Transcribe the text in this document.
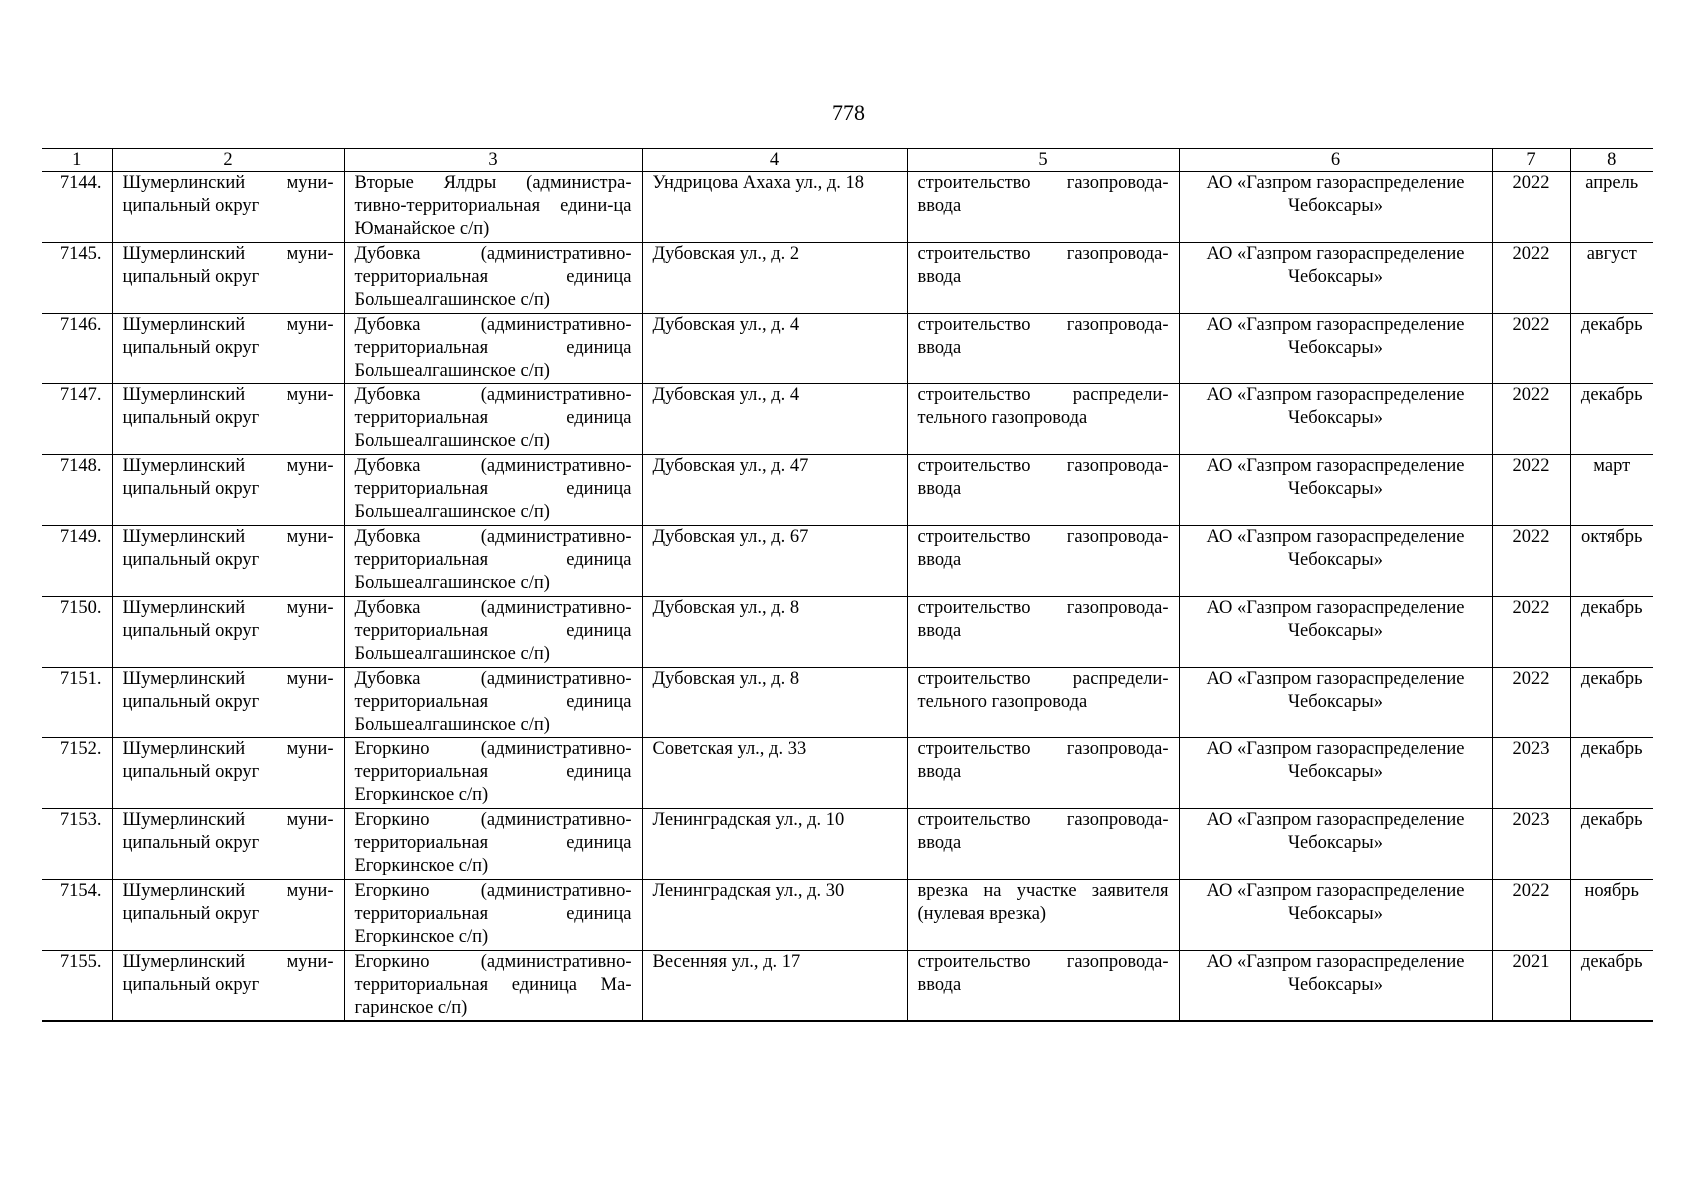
778
1	2	3	4	5	6	7	8
7144.	Шумерлинский муни-ципальный округ	Вторые Ялдры (администра-тивно-территориальная едини-ца Юманайское с/п)	Ундрицова Ахаха ул., д. 18	строительство газопровода-ввода	АО «Газпром газораспределение Чебоксары»	2022	апрель
7145.	Шумерлинский муни-ципальный округ	Дубовка (административно-территориальная единица Большеалгашинское с/п)	Дубовская ул., д. 2	строительство газопровода-ввода	АО «Газпром газораспределение Чебоксары»	2022	август
7146.	Шумерлинский муни-ципальный округ	Дубовка (административно-территориальная единица Большеалгашинское с/п)	Дубовская ул., д. 4	строительство газопровода-ввода	АО «Газпром газораспределение Чебоксары»	2022	декабрь
7147.	Шумерлинский муни-ципальный округ	Дубовка (административно-территориальная единица Большеалгашинское с/п)	Дубовская ул., д. 4	строительство распредели-тельного газопровода	АО «Газпром газораспределение Чебоксары»	2022	декабрь
7148.	Шумерлинский муни-ципальный округ	Дубовка (административно-территориальная единица Большеалгашинское с/п)	Дубовская ул., д. 47	строительство газопровода-ввода	АО «Газпром газораспределение Чебоксары»	2022	март
7149.	Шумерлинский муни-ципальный округ	Дубовка (административно-территориальная единица Большеалгашинское с/п)	Дубовская ул., д. 67	строительство газопровода-ввода	АО «Газпром газораспределение Чебоксары»	2022	октябрь
7150.	Шумерлинский муни-ципальный округ	Дубовка (административно-территориальная единица Большеалгашинское с/п)	Дубовская ул., д. 8	строительство газопровода-ввода	АО «Газпром газораспределение Чебоксары»	2022	декабрь
7151.	Шумерлинский муни-ципальный округ	Дубовка (административно-территориальная единица Большеалгашинское с/п)	Дубовская ул., д. 8	строительство распредели-тельного газопровода	АО «Газпром газораспределение Чебоксары»	2022	декабрь
7152.	Шумерлинский муни-ципальный округ	Егоркино (административно-территориальная единица Егоркинское с/п)	Советская ул., д. 33	строительство газопровода-ввода	АО «Газпром газораспределение Чебоксары»	2023	декабрь
7153.	Шумерлинский муни-ципальный округ	Егоркино (административно-территориальная единица Егоркинское с/п)	Ленинградская ул., д. 10	строительство газопровода-ввода	АО «Газпром газораспределение Чебоксары»	2023	декабрь
7154.	Шумерлинский муни-ципальный округ	Егоркино (административно-территориальная единица Егоркинское с/п)	Ленинградская ул., д. 30	врезка на участке заявителя (нулевая врезка)	АО «Газпром газораспределение Чебоксары»	2022	ноябрь
7155.	Шумерлинский муни-ципальный округ	Егоркино (административно-территориальная единица Ма-гаринское с/п)	Весенняя ул., д. 17	строительство газопровода-ввода	АО «Газпром газораспределение Чебоксары»	2021	декабрь
